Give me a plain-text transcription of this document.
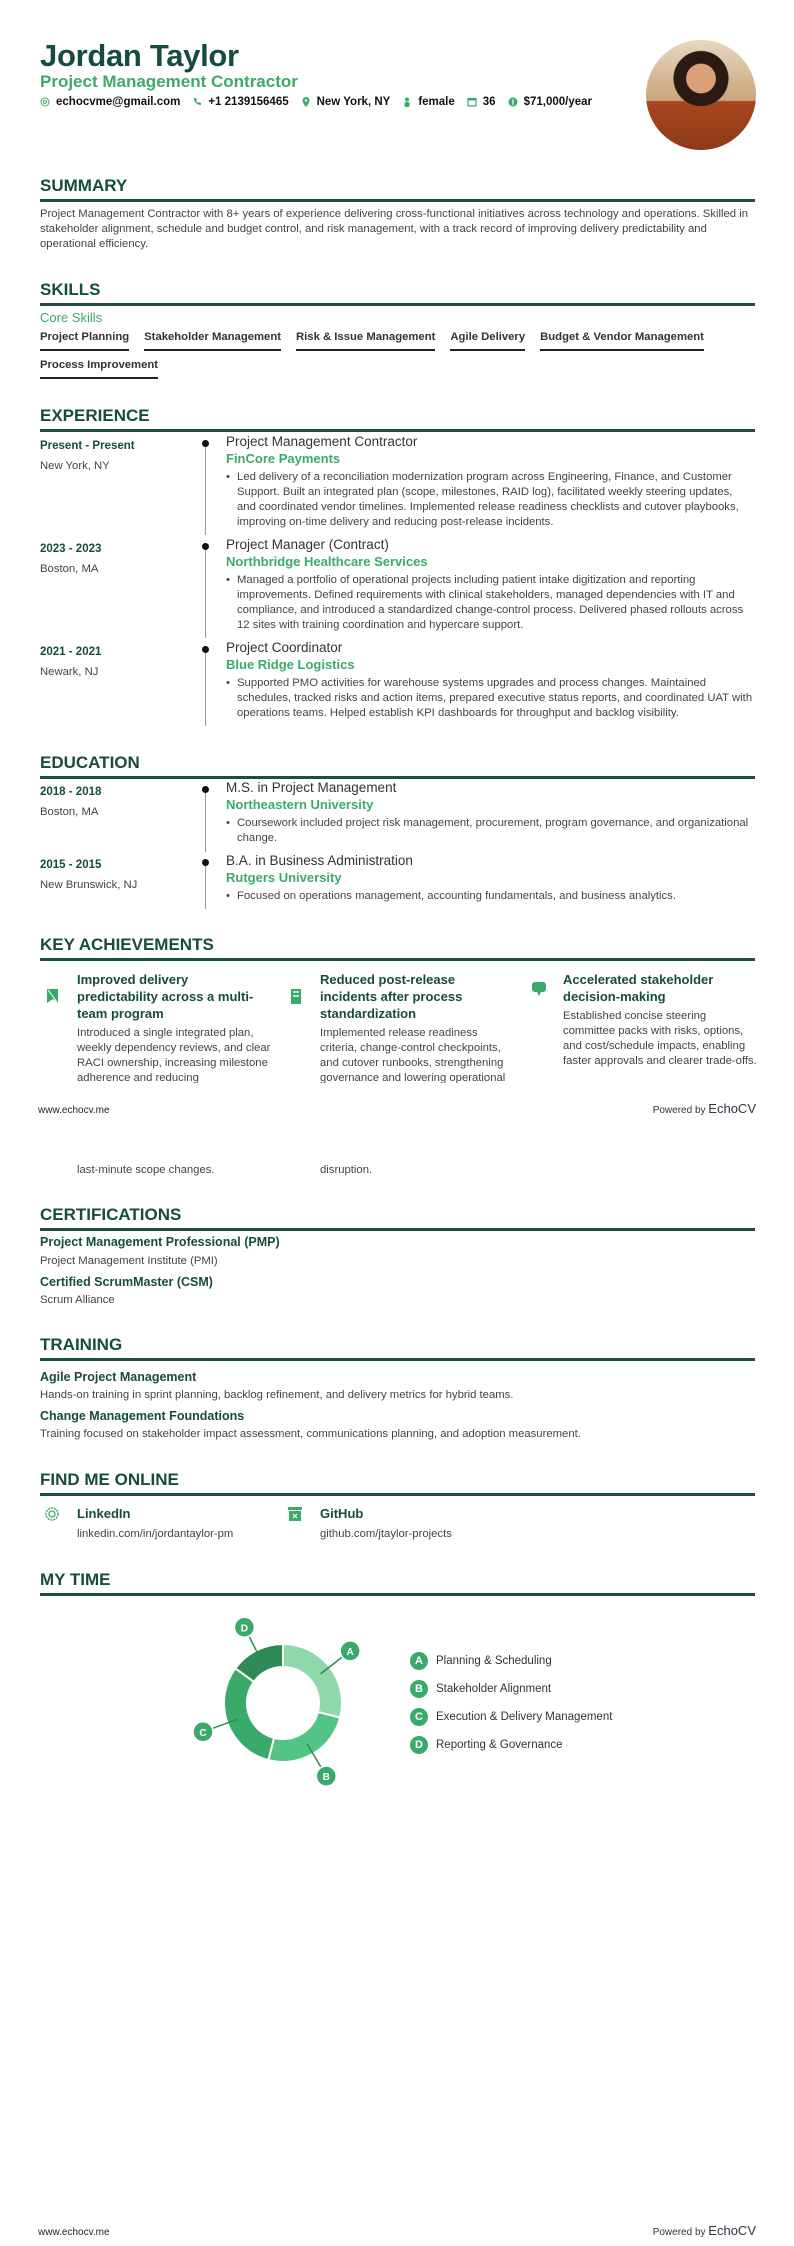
Jordan Taylor
Project Management Contractor
echocvme@gmail.com +1 2139156465 New York, NY female 36 $71,000/year
SUMMARY
Project Management Contractor with 8+ years of experience delivering cross-functional initiatives across technology and operations. Skilled in stakeholder alignment, schedule and budget control, and risk management, with a track record of improving delivery predictability and operational efficiency.
SKILLS
Core Skills
Project Planning Stakeholder Management Risk & Issue Management Agile Delivery Budget & Vendor Management
Process Improvement
EXPERIENCE
Present - Present
New York, NY
Project Management Contractor
FinCore Payments
• Led delivery of a reconciliation modernization program across Engineering, Finance, and Customer Support. Built an integrated plan (scope, milestones, RAID log), facilitated weekly steering updates, and coordinated vendor timelines. Implemented release readiness checklists and cutover playbooks, improving on-time delivery and reducing post-release incidents.
2023 - 2023
Boston, MA
Project Manager (Contract)
Northbridge Healthcare Services
• Managed a portfolio of operational projects including patient intake digitization and reporting improvements. Defined requirements with clinical stakeholders, managed dependencies with IT and compliance, and introduced a standardized change-control process. Delivered phased rollouts across 12 sites with training coordination and hypercare support.
2021 - 2021
Newark, NJ
Project Coordinator
Blue Ridge Logistics
• Supported PMO activities for warehouse systems upgrades and process changes. Maintained schedules, tracked risks and action items, prepared executive status reports, and coordinated UAT with operations teams. Helped establish KPI dashboards for throughput and backlog visibility.
EDUCATION
2018 - 2018
Boston, MA
M.S. in Project Management
Northeastern University
• Coursework included project risk management, procurement, program governance, and organizational change.
2015 - 2015
New Brunswick, NJ
B.A. in Business Administration
Rutgers University
• Focused on operations management, accounting fundamentals, and business analytics.
KEY ACHIEVEMENTS
Improved delivery predictability across a multi-team program
Introduced a single integrated plan, weekly dependency reviews, and clear RACI ownership, increasing milestone adherence and reducing
Reduced post-release incidents after process standardization
Implemented release readiness criteria, change-control checkpoints, and cutover runbooks, strengthening governance and lowering operational
Accelerated stakeholder decision-making
Established concise steering committee packs with risks, options, and cost/schedule impacts, enabling faster approvals and clearer trade-offs.
www.echocv.me	Powered by EchoCV
last-minute scope changes.	disruption.
CERTIFICATIONS
Project Management Professional (PMP)
Project Management Institute (PMI)
Certified ScrumMaster (CSM)
Scrum Alliance
TRAINING
Agile Project Management
Hands-on training in sprint planning, backlog refinement, and delivery metrics for hybrid teams.
Change Management Foundations
Training focused on stakeholder impact assessment, communications planning, and adoption measurement.
FIND ME ONLINE
LinkedIn
linkedin.com/in/jordantaylor-pm
GitHub
github.com/jtaylor-projects
MY TIME
A
B
C
D
A	Planning & Scheduling
B	Stakeholder Alignment
C	Execution & Delivery Management
D	Reporting & Governance
www.echocv.me	Powered by EchoCV
